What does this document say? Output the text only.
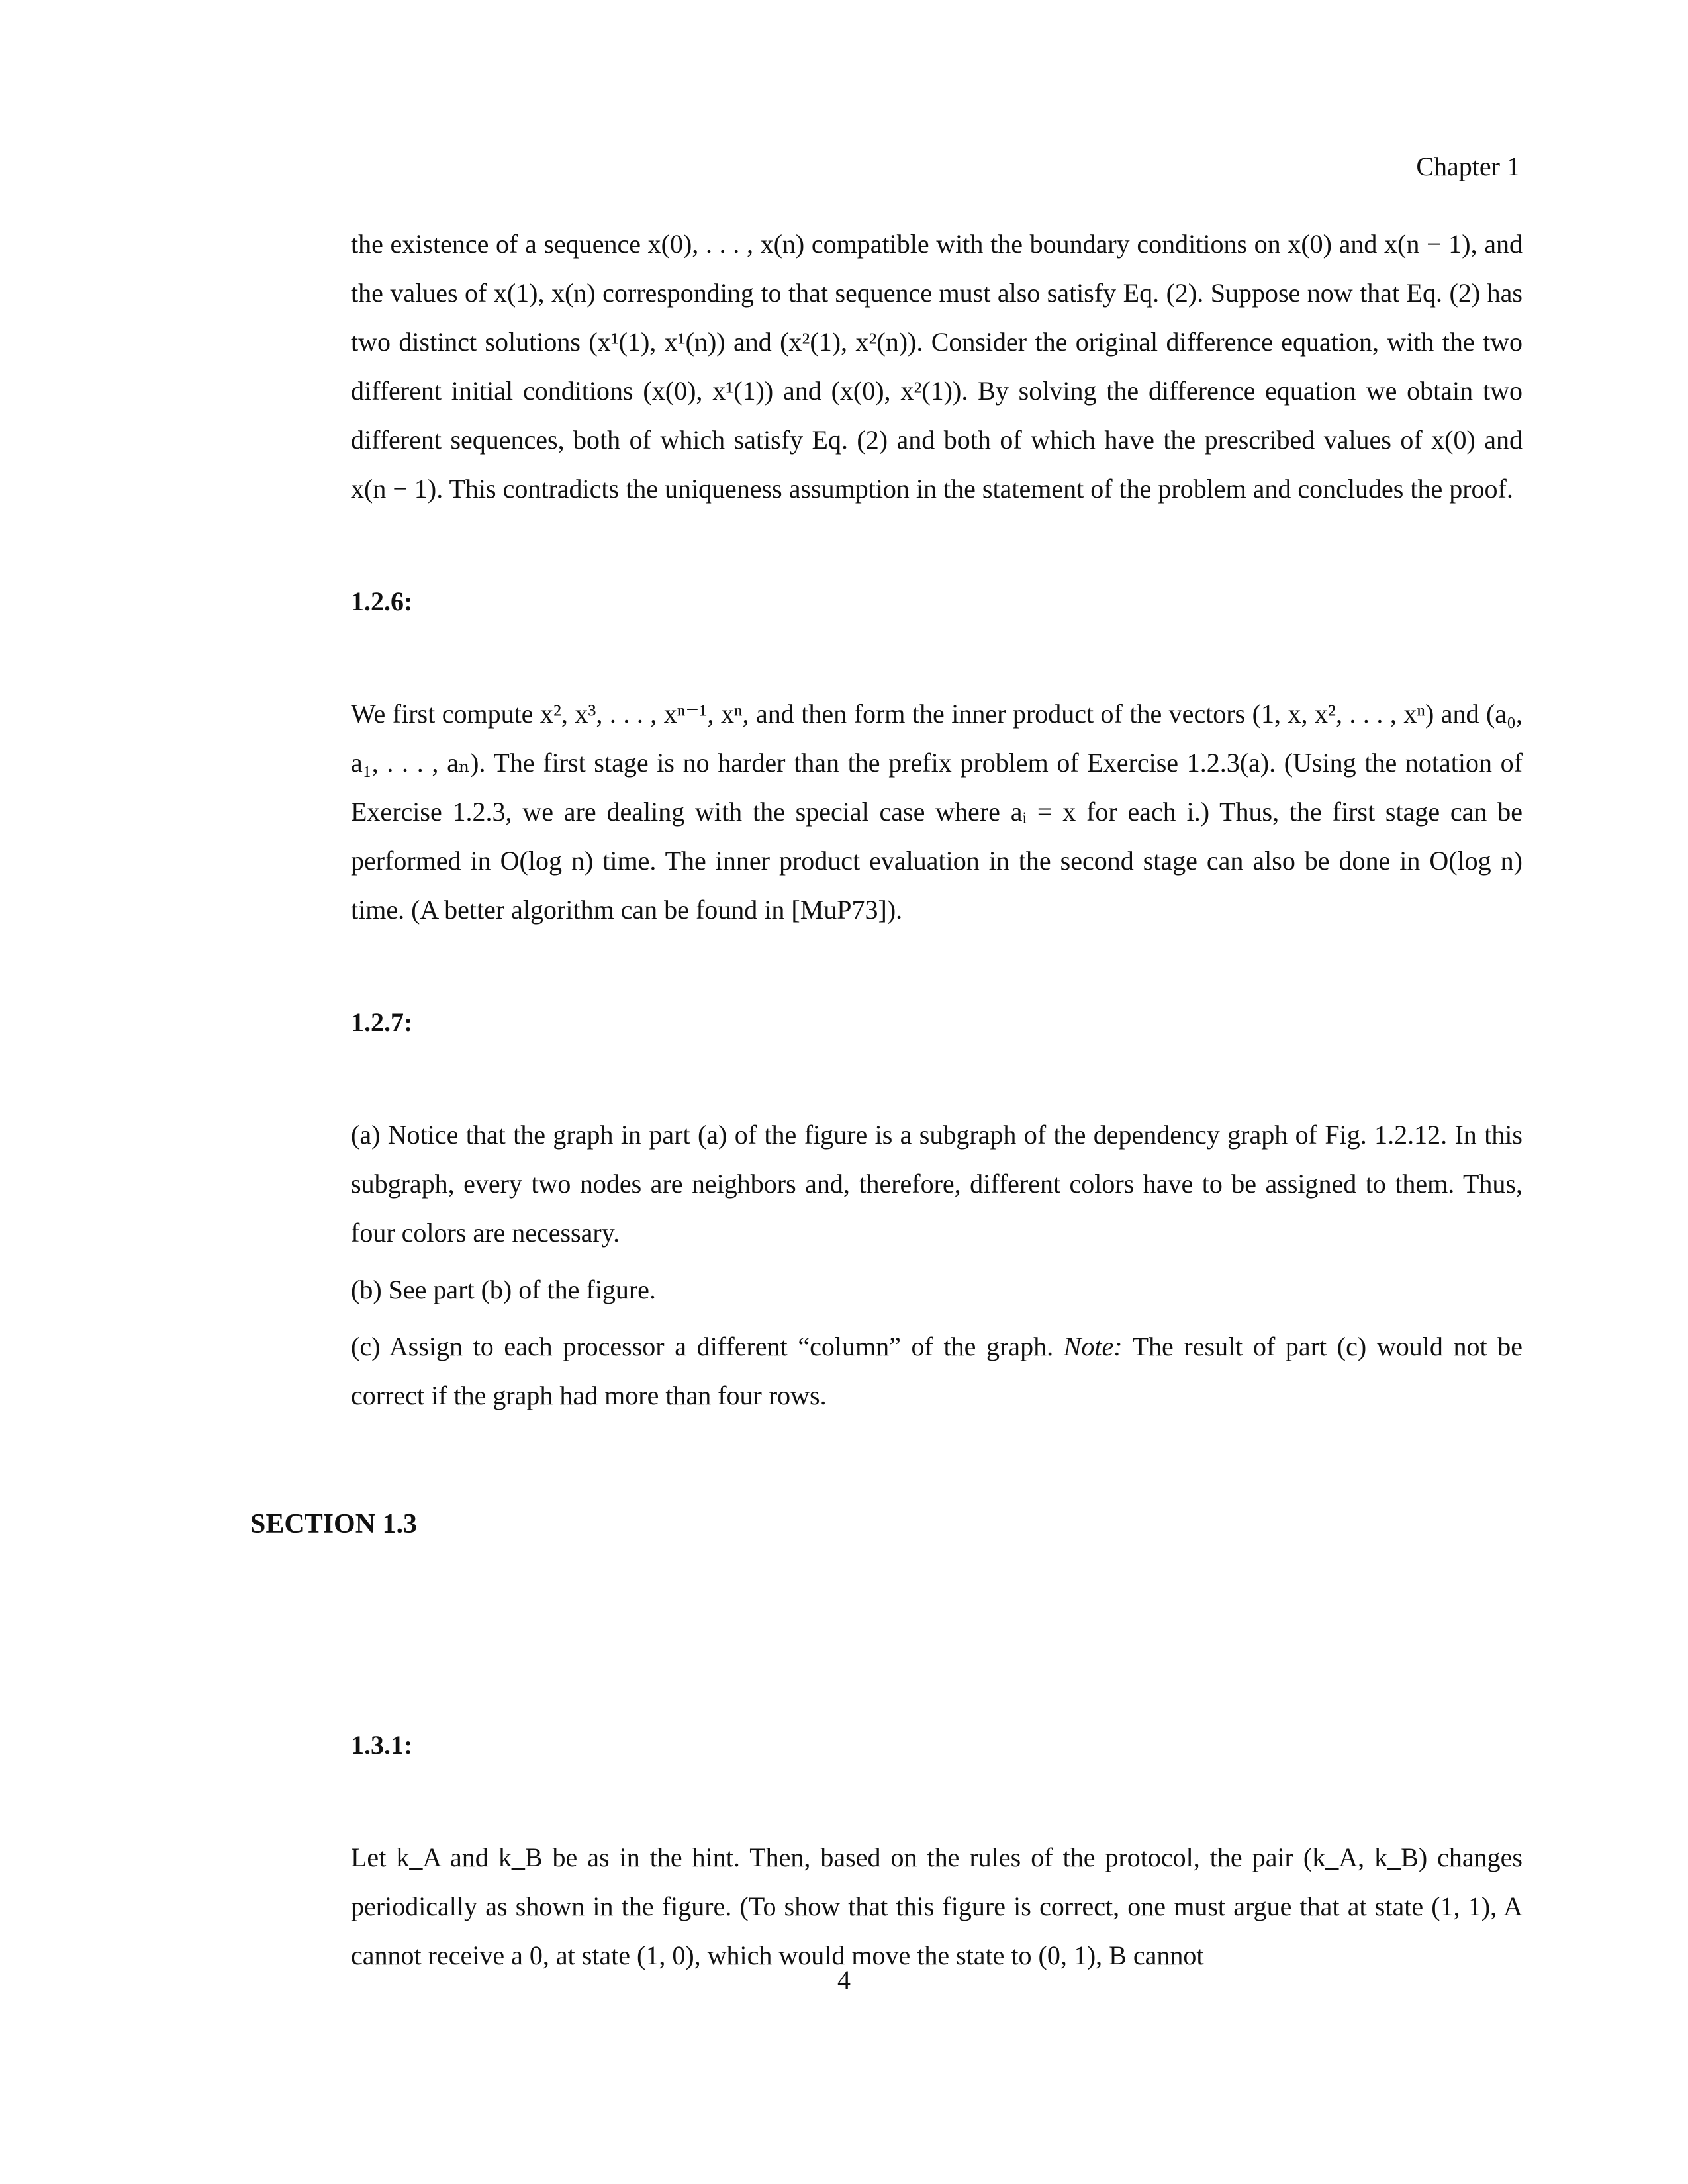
Chapter 1

the existence of a sequence x(0), . . . , x(n) compatible with the boundary conditions on x(0) and x(n − 1), and the values of x(1), x(n) corresponding to that sequence must also satisfy Eq. (2). Suppose now that Eq. (2) has two distinct solutions (x¹(1), x¹(n)) and (x²(1), x²(n)). Consider the original difference equation, with the two different initial conditions (x(0), x¹(1)) and (x(0), x²(1)). By solving the difference equation we obtain two different sequences, both of which satisfy Eq. (2) and both of which have the prescribed values of x(0) and x(n − 1). This contradicts the uniqueness assumption in the statement of the problem and concludes the proof.

1.2.6:

We first compute x², x³, . . . , xⁿ⁻¹, xⁿ, and then form the inner product of the vectors (1, x, x², . . . , xⁿ) and (a₀, a₁, . . . , aₙ). The first stage is no harder than the prefix problem of Exercise 1.2.3(a). (Using the notation of Exercise 1.2.3, we are dealing with the special case where aᵢ = x for each i.) Thus, the first stage can be performed in O(log n) time. The inner product evaluation in the second stage can also be done in O(log n) time. (A better algorithm can be found in [MuP73]).

1.2.7:

(a) Notice that the graph in part (a) of the figure is a subgraph of the dependency graph of Fig. 1.2.12. In this subgraph, every two nodes are neighbors and, therefore, different colors have to be assigned to them. Thus, four colors are necessary.

(b) See part (b) of the figure.

(c) Assign to each processor a different “column” of the graph. Note: The result of part (c) would not be correct if the graph had more than four rows.

SECTION 1.3
1.3.1:

Let k_A and k_B be as in the hint. Then, based on the rules of the protocol, the pair (k_A, k_B) changes periodically as shown in the figure. (To show that this figure is correct, one must argue that at state (1, 1), A cannot receive a 0, at state (1, 0), which would move the state to (0, 1), B cannot

4
